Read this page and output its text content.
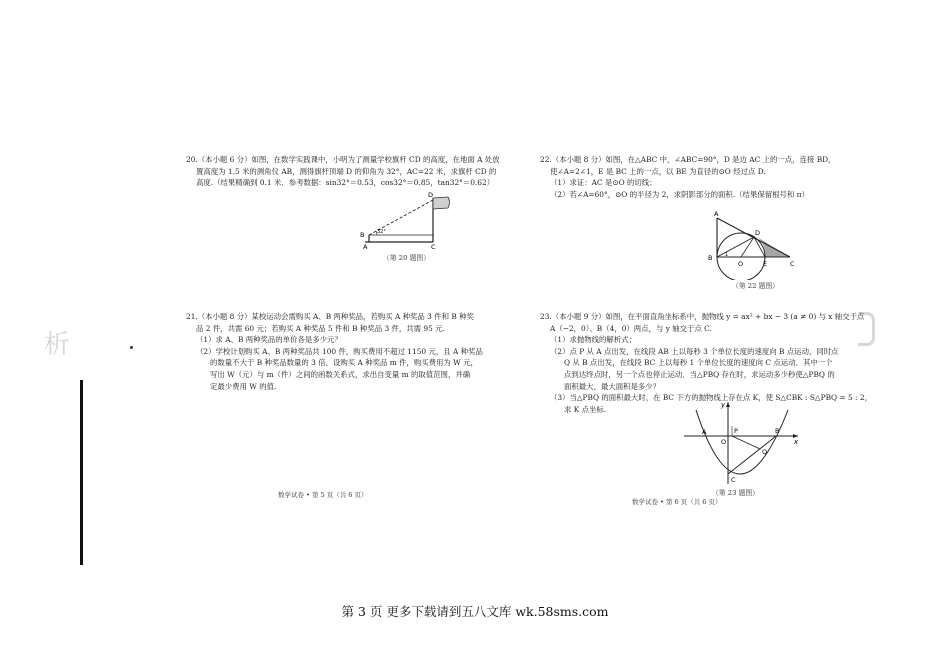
析

20.（本小题 6 分）如图，在数学实践课中，小明为了测量学校旗杆 CD 的高度，在地面 A 处放

置高度为 1.5 米的测角仪 AB，测得旗杆顶端 D 的仰角为 32°，AC=22 米，求旗杆 CD 的

高度.（结果精确到 0.1 米．参考数据：sin32°＝0.53，cos32°＝0.85，tan32°＝0.62）

D
B
A	C
32°
（第 20 题图）

21.（本小题 8 分）某校运动会需购买 A、B 两种奖品，若购买 A 种奖品 3 件和 B 种奖

品 2 件，共需 60 元；若购买 A 种奖品 5 件和 B 种奖品 3 件，共需 95 元.

（1）求 A、B 两种奖品的单价各是多少元？

（2）学校计划购买 A、B 两种奖品共 100 件，购买费用不超过 1150 元，且 A 种奖品

的数量不大于 B 种奖品数量的 3 倍，设购买 A 种奖品 m 件，购买费用为 W 元，

写出 W（元）与 m（件）之间的函数关系式，求出自变量 m 的取值范围，并确

定最少费用 W 的值.

数学试卷 • 第 5 页（共 6 页）

22.（本小题 8 分）如图，在△ABC 中，∠ABC=90°，D 是边 AC 上的一点，连接 BD，

使∠A=2∠1，E 是 BC 上的一点，以 BE 为直径的⊙O 经过点 D.

（1）求证：AC 是⊙O 的切线；

（2）若∠A=60°，⊙O 的半径为 2，求阴影部分的面积.（结果保留根号和 π）

A
D
B
O	E	C
1
（第 22 题图）

23.（本小题 9 分）如图，在平面直角坐标系中，抛物线 y = ax² + bx − 3 (a ≠ 0) 与 x 轴交于点

A（−2，0）、B（4，0）两点，与 y 轴交于点 C.

（1）求抛物线的解析式；

（2）点 P 从 A 点出发，在线段 AB 上以每秒 3 个单位长度的速度向 B 点运动，同时点

Q 从 B 点出发，在线段 BC 上以每秒 1 个单位长度的速度向 C 点运动．其中一个

点到达终点时，另一个点也停止运动．当△PBQ 存在时，求运动多少秒使△PBQ 的

面积最大，最大面积是多少？

（3）当△PBQ 的面积最大时，在 BC 下方的抛物线上存在点 K，使 S△CBK : S△PBQ = 5 : 2，

求 K 点坐标.	y
x
A
O
P	B
Q
C
（第 23 题图）
数学试卷 • 第 6 页（共 6 页）
第 3 页 更多下载请到五八文库 wk.58sms.com
